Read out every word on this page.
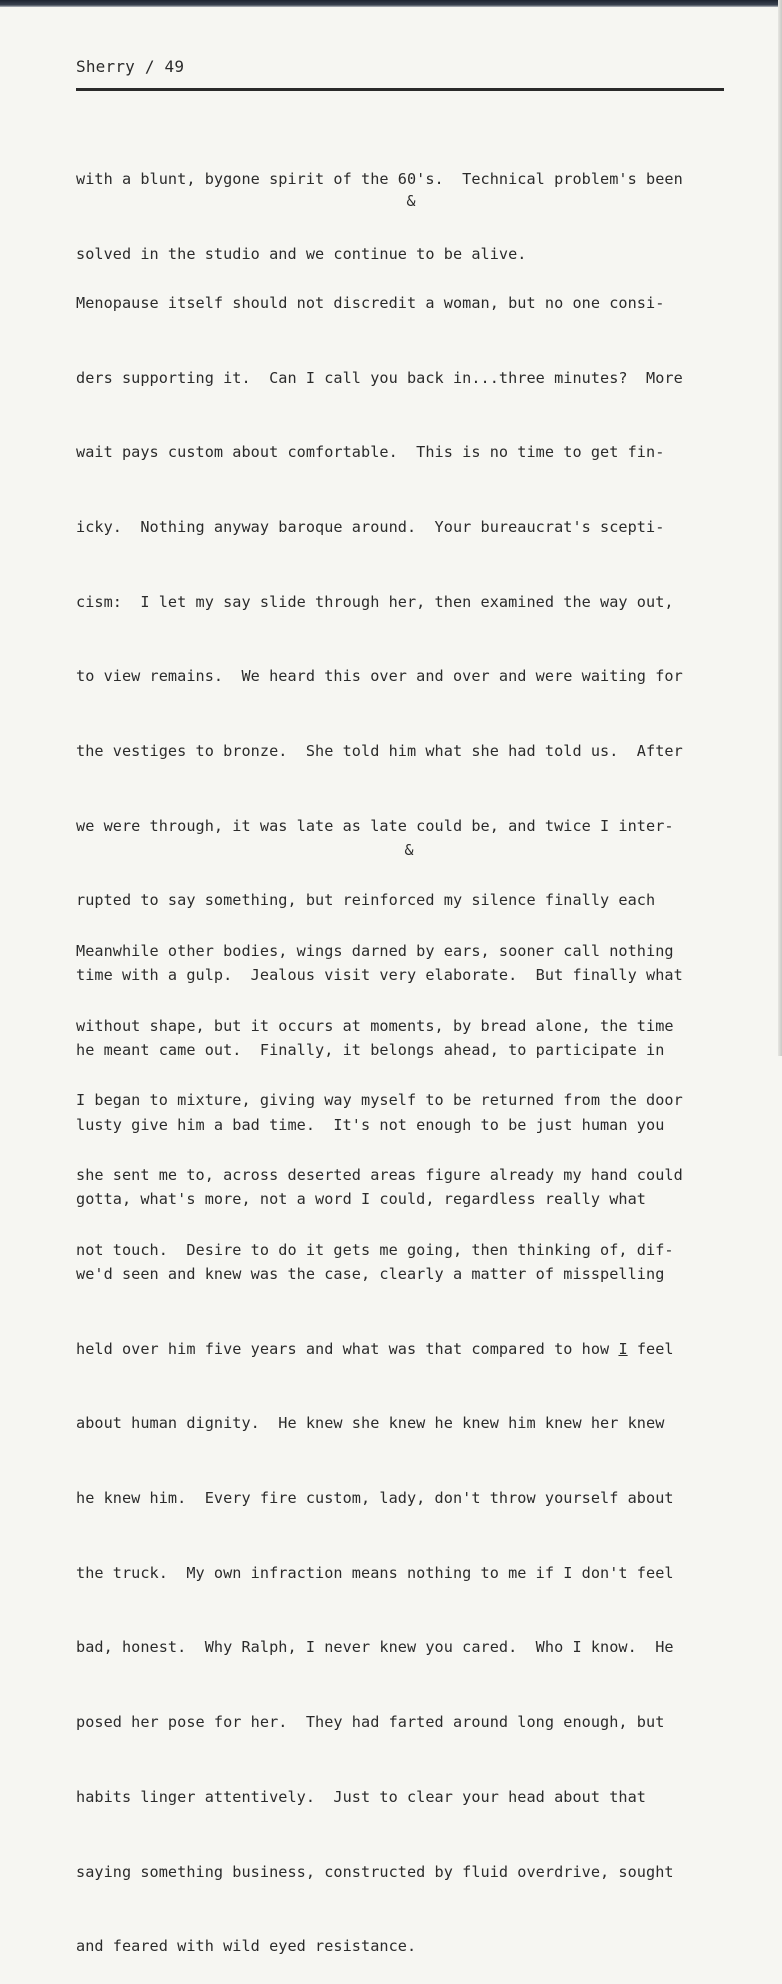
Sherry / 49

with a blunt, bygone spirit of the 60's.  Technical problem's been

solved in the studio and we continue to be alive.

&

Menopause itself should not discredit a woman, but no one consi-

ders supporting it.  Can I call you back in...three minutes?  More

wait pays custom about comfortable.  This is no time to get fin-

icky.  Nothing anyway baroque around.  Your bureaucrat's scepti-

cism:  I let my say slide through her, then examined the way out,

to view remains.  We heard this over and over and were waiting for

the vestiges to bronze.  She told him what she had told us.  After

we were through, it was late as late could be, and twice I inter-

rupted to say something, but reinforced my silence finally each

time with a gulp.  Jealous visit very elaborate.  But finally what

he meant came out.  Finally, it belongs ahead, to participate in

lusty give him a bad time.  It's not enough to be just human you

gotta, what's more, not a word I could, regardless really what

we'd seen and knew was the case, clearly a matter of misspelling

held over him five years and what was that compared to how I feel

about human dignity.  He knew she knew he knew him knew her knew

he knew him.  Every fire custom, lady, don't throw yourself about

the truck.  My own infraction means nothing to me if I don't feel

bad, honest.  Why Ralph, I never knew you cared.  Who I know.  He

posed her pose for her.  They had farted around long enough, but

habits linger attentively.  Just to clear your head about that

saying something business, constructed by fluid overdrive, sought

and feared with wild eyed resistance.

&

Meanwhile other bodies, wings darned by ears, sooner call nothing

without shape, but it occurs at moments, by bread alone, the time

I began to mixture, giving way myself to be returned from the door

she sent me to, across deserted areas figure already my hand could

not touch.  Desire to do it gets me going, then thinking of, dif-
